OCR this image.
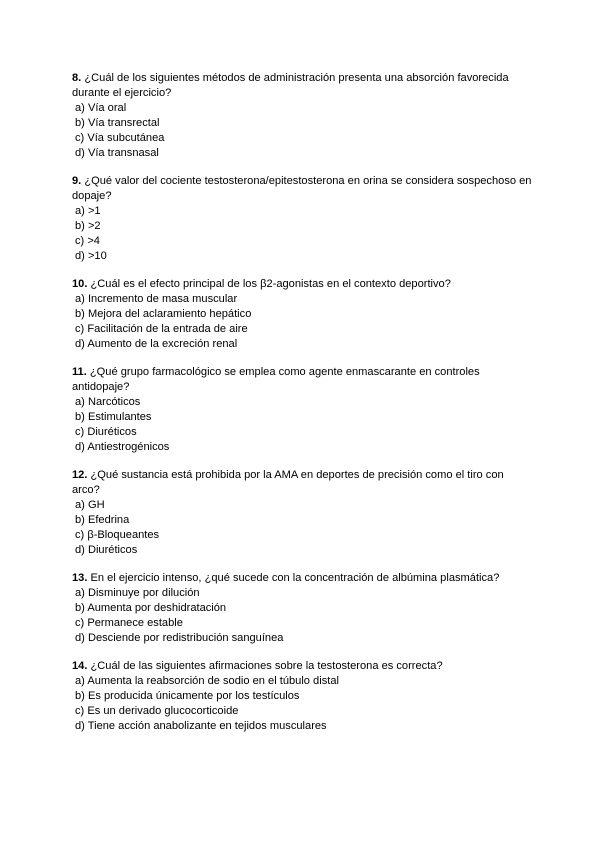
8. ¿Cuál de los siguientes métodos de administración presenta una absorción favorecida durante el ejercicio?

a) Vía oral
b) Vía transrectal
c) Vía subcutánea
d) Vía transnasal

9. ¿Qué valor del cociente testosterona/epitestosterona en orina se considera sospechoso en dopaje?

a) >1
b) >2
c) >4
d) >10

10. ¿Cuál es el efecto principal de los β2-agonistas en el contexto deportivo?

a) Incremento de masa muscular
b) Mejora del aclaramiento hepático
c) Facilitación de la entrada de aire
d) Aumento de la excreción renal

11. ¿Qué grupo farmacológico se emplea como agente enmascarante en controles antidopaje?

a) Narcóticos
b) Estimulantes
c) Diuréticos
d) Antiestrogénicos

12. ¿Qué sustancia está prohibida por la AMA en deportes de precisión como el tiro con arco?

a) GH
b) Efedrina
c) β-Bloqueantes
d) Diuréticos

13. En el ejercicio intenso, ¿qué sucede con la concentración de albúmina plasmática?

a) Disminuye por dilución
b) Aumenta por deshidratación
c) Permanece estable
d) Desciende por redistribución sanguínea

14. ¿Cuál de las siguientes afirmaciones sobre la testosterona es correcta?

a) Aumenta la reabsorción de sodio en el túbulo distal
b) Es producida únicamente por los testículos
c) Es un derivado glucocorticoide
d) Tiene acción anabolizante en tejidos musculares
